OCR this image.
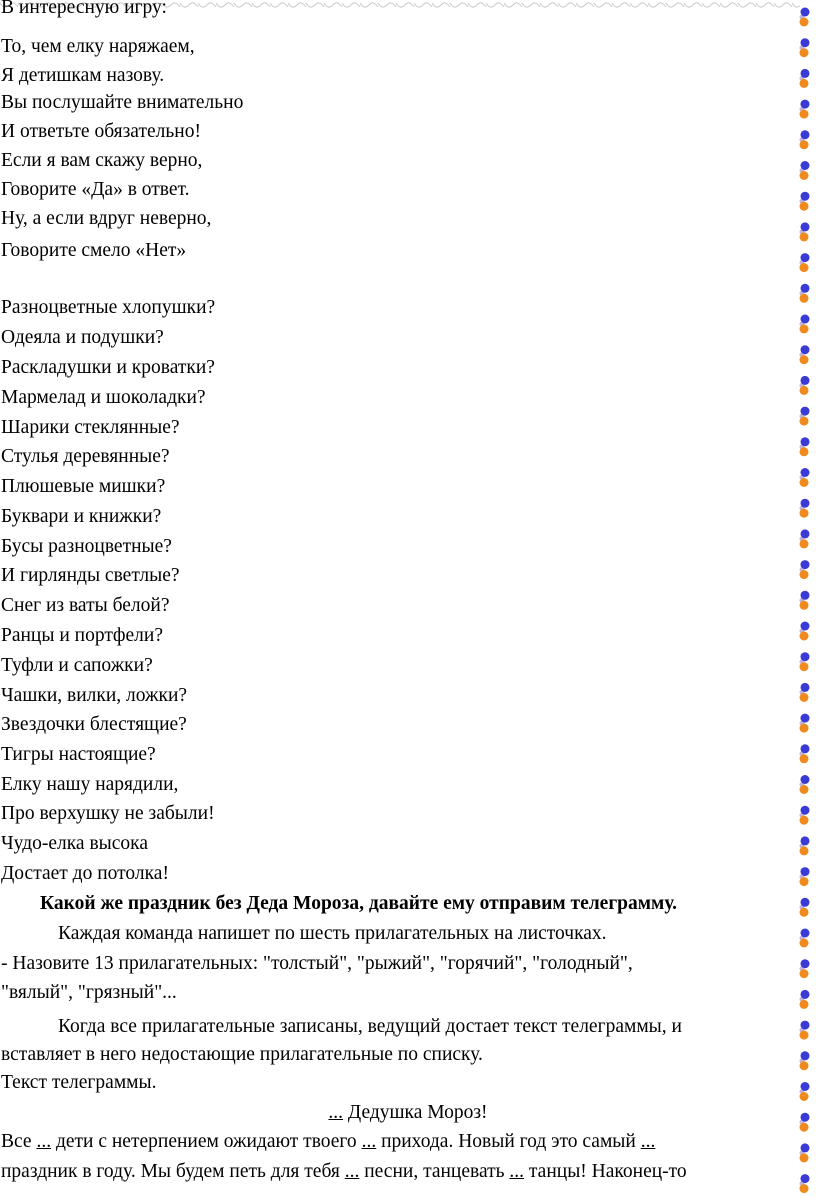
В интересную игру:
То, чем елку наряжаем,
Я детишкам назову.
Вы послушайте внимательно
И ответьте обязательно!
Если я вам скажу верно,
Говорите «Да» в ответ.
Ну, а если вдруг неверно,
Говорите смело «Нет»
Разноцветные хлопушки?
Одеяла и подушки?
Раскладушки и кроватки?
Мармелад и шоколадки?
Шарики стеклянные?
Стулья деревянные?
Плюшевые мишки?
Буквари и книжки?
Бусы разноцветные?
И гирлянды светлые?
Снег из ваты белой?
Ранцы и портфели?
Туфли и сапожки?
Чашки, вилки, ложки?
Звездочки блестящие?
Тигры настоящие?
Елку нашу нарядили,
Про верхушку не забыли!
Чудо-елка высока
Достает до потолка!
Какой же праздник без Деда Мороза, давайте ему отправим телеграмму.
Каждая команда напишет по шесть прилагательных на листочках.
- Назовите 13 прилагательных: "толстый", "рыжий", "горячий", "голодный",
"вялый", "грязный"...
Когда все прилагательные записаны, ведущий достает текст телеграммы, и
вставляет в него недостающие прилагательные по списку.
Текст телеграммы.
... Дедушка Мороз!
Все ... дети с нетерпением ожидают твоего ... прихода. Новый год это самый ...
праздник в году. Мы будем петь для тебя ... песни, танцевать ... танцы! Наконец-то
